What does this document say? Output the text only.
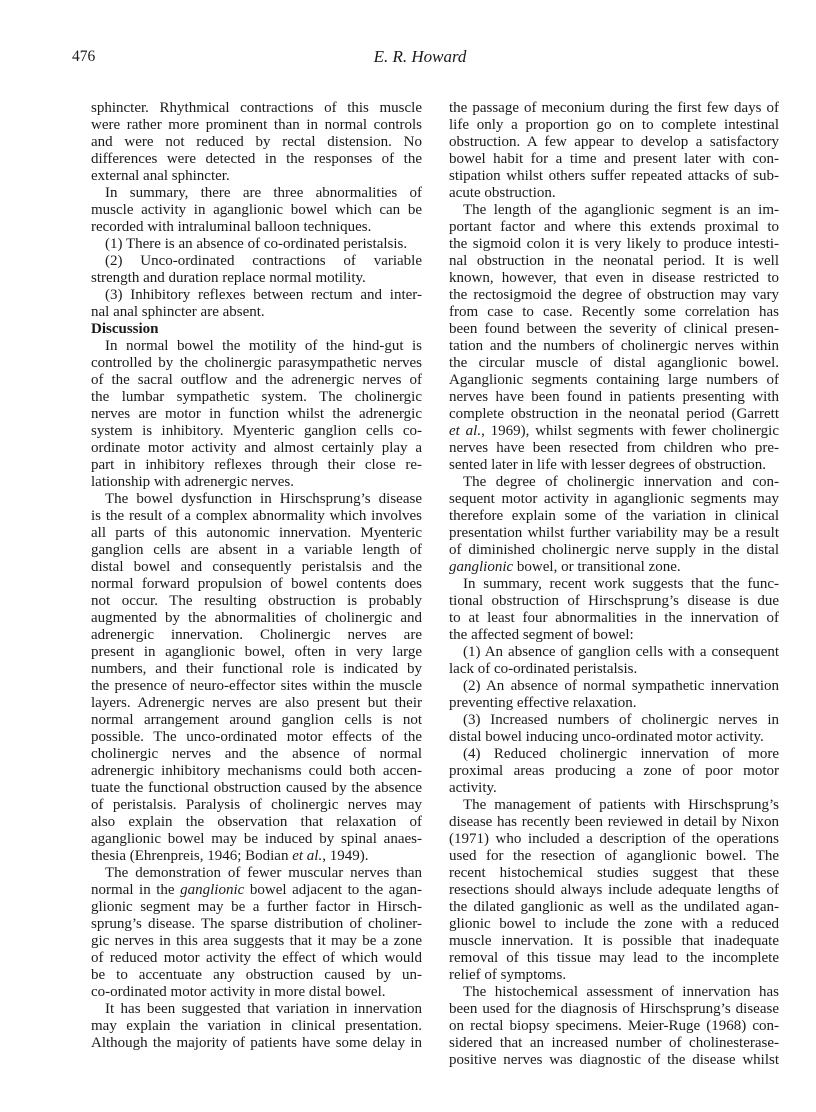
476	E. R. Howard
sphincter. Rhythmical contractions of this muscle
were rather more prominent than in normal controls
and were not reduced by rectal distension. No
differences were detected in the responses of the
external anal sphincter.
In summary, there are three abnormalities of
muscle activity in aganglionic bowel which can be
recorded with intraluminal balloon techniques.
(1) There is an absence of co-ordinated peristalsis.
(2) Unco-ordinated contractions of variable
strength and duration replace normal motility.
(3) Inhibitory reflexes between rectum and inter-
nal anal sphincter are absent.
Discussion
In normal bowel the motility of the hind-gut is
controlled by the cholinergic parasympathetic nerves
of the sacral outflow and the adrenergic nerves of
the lumbar sympathetic system. The cholinergic
nerves are motor in function whilst the adrenergic
system is inhibitory. Myenteric ganglion cells co-
ordinate motor activity and almost certainly play a
part in inhibitory reflexes through their close re-
lationship with adrenergic nerves.
The bowel dysfunction in Hirschsprung’s disease
is the result of a complex abnormality which involves
all parts of this autonomic innervation. Myenteric
ganglion cells are absent in a variable length of
distal bowel and consequently peristalsis and the
normal forward propulsion of bowel contents does
not occur. The resulting obstruction is probably
augmented by the abnormalities of cholinergic and
adrenergic innervation. Cholinergic nerves are
present in aganglionic bowel, often in very large
numbers, and their functional role is indicated by
the presence of neuro-effector sites within the muscle
layers. Adrenergic nerves are also present but their
normal arrangement around ganglion cells is not
possible. The unco-ordinated motor effects of the
cholinergic nerves and the absence of normal
adrenergic inhibitory mechanisms could both accen-
tuate the functional obstruction caused by the absence
of peristalsis. Paralysis of cholinergic nerves may
also explain the observation that relaxation of
aganglionic bowel may be induced by spinal anaes-
thesia (Ehrenpreis, 1946; Bodian et al., 1949).
The demonstration of fewer muscular nerves than
normal in the ganglionic bowel adjacent to the agan-
glionic segment may be a further factor in Hirsch-
sprung’s disease. The sparse distribution of choliner-
gic nerves in this area suggests that it may be a zone
of reduced motor activity the effect of which would
be to accentuate any obstruction caused by un-
co-ordinated motor activity in more distal bowel.
It has been suggested that variation in innervation
may explain the variation in clinical presentation.
Although the majority of patients have some delay in
the passage of meconium during the first few days of
life only a proportion go on to complete intestinal
obstruction. A few appear to develop a satisfactory
bowel habit for a time and present later with con-
stipation whilst others suffer repeated attacks of sub-
acute obstruction.
The length of the aganglionic segment is an im-
portant factor and where this extends proximal to
the sigmoid colon it is very likely to produce intesti-
nal obstruction in the neonatal period. It is well
known, however, that even in disease restricted to
the rectosigmoid the degree of obstruction may vary
from case to case. Recently some correlation has
been found between the severity of clinical presen-
tation and the numbers of cholinergic nerves within
the circular muscle of distal aganglionic bowel.
Aganglionic segments containing large numbers of
nerves have been found in patients presenting with
complete obstruction in the neonatal period (Garrett
et al., 1969), whilst segments with fewer cholinergic
nerves have been resected from children who pre-
sented later in life with lesser degrees of obstruction.
The degree of cholinergic innervation and con-
sequent motor activity in aganglionic segments may
therefore explain some of the variation in clinical
presentation whilst further variability may be a result
of diminished cholinergic nerve supply in the distal
ganglionic bowel, or transitional zone.
In summary, recent work suggests that the func-
tional obstruction of Hirschsprung’s disease is due
to at least four abnormalities in the innervation of
the affected segment of bowel:
(1) An absence of ganglion cells with a consequent
lack of co-ordinated peristalsis.
(2) An absence of normal sympathetic innervation
preventing effective relaxation.
(3) Increased numbers of cholinergic nerves in
distal bowel inducing unco-ordinated motor activity.
(4) Reduced cholinergic innervation of more
proximal areas producing a zone of poor motor
activity.
The management of patients with Hirschsprung’s
disease has recently been reviewed in detail by Nixon
(1971) who included a description of the operations
used for the resection of aganglionic bowel. The
recent histochemical studies suggest that these
resections should always include adequate lengths of
the dilated ganglionic as well as the undilated agan-
glionic bowel to include the zone with a reduced
muscle innervation. It is possible that inadequate
removal of this tissue may lead to the incomplete
relief of symptoms.
The histochemical assessment of innervation has
been used for the diagnosis of Hirschsprung’s disease
on rectal biopsy specimens. Meier-Ruge (1968) con-
sidered that an increased number of cholinesterase-
positive nerves was diagnostic of the disease whilst
